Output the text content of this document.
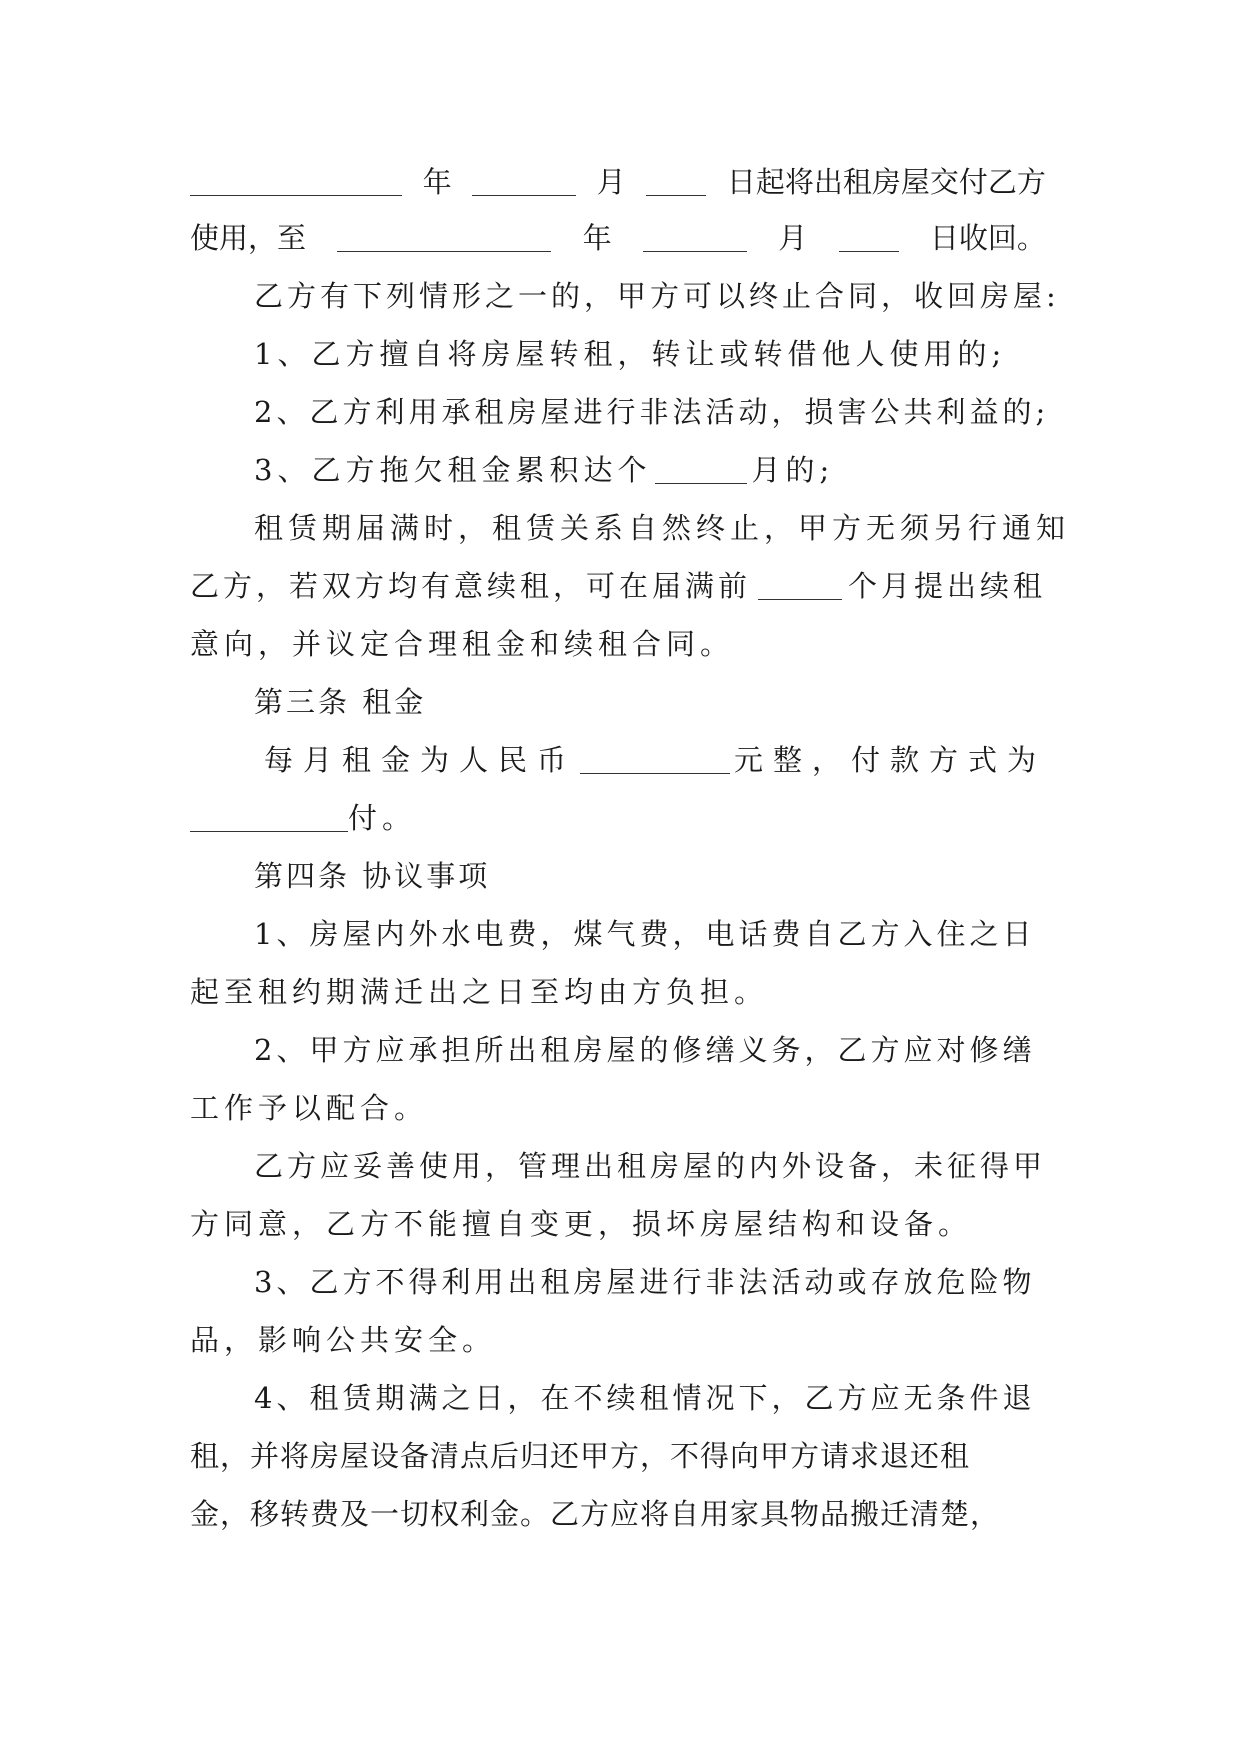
年	月	日起将出租房屋交付乙方
使用，至	年	月	日收回。
乙方有下列情形之一的，甲方可以终止合同，收回房屋:
1、乙方擅自将房屋转租，转让或转借他人使用的;
2、乙方利用承租房屋进行非法活动，损害公共利益的;
3、乙方拖欠租金累积达个	月的;
租赁期届满时，租赁关系自然终止，甲方无须另行通知
乙方，若双方均有意续租，可在届满前	个月提出续租
意向，并议定合理租金和续租合同。
第三条 租金
每月租金为人民币	元整，付款方式为
付。
第四条 协议事项
1、房屋内外水电费，煤气费，电话费自乙方入住之日
起至租约期满迁出之日至均由方负担。
2、甲方应承担所出租房屋的修缮义务，乙方应对修缮
工作予以配合。
乙方应妥善使用，管理出租房屋的内外设备，未征得甲
方同意，乙方不能擅自变更，损坏房屋结构和设备。
3、乙方不得利用出租房屋进行非法活动或存放危险物
品，影响公共安全。
4、租赁期满之日，在不续租情况下，乙方应无条件退
租，并将房屋设备清点后归还甲方，不得向甲方请求退还租
金，移转费及一切权利金。乙方应将自用家具物品搬迁清楚，
